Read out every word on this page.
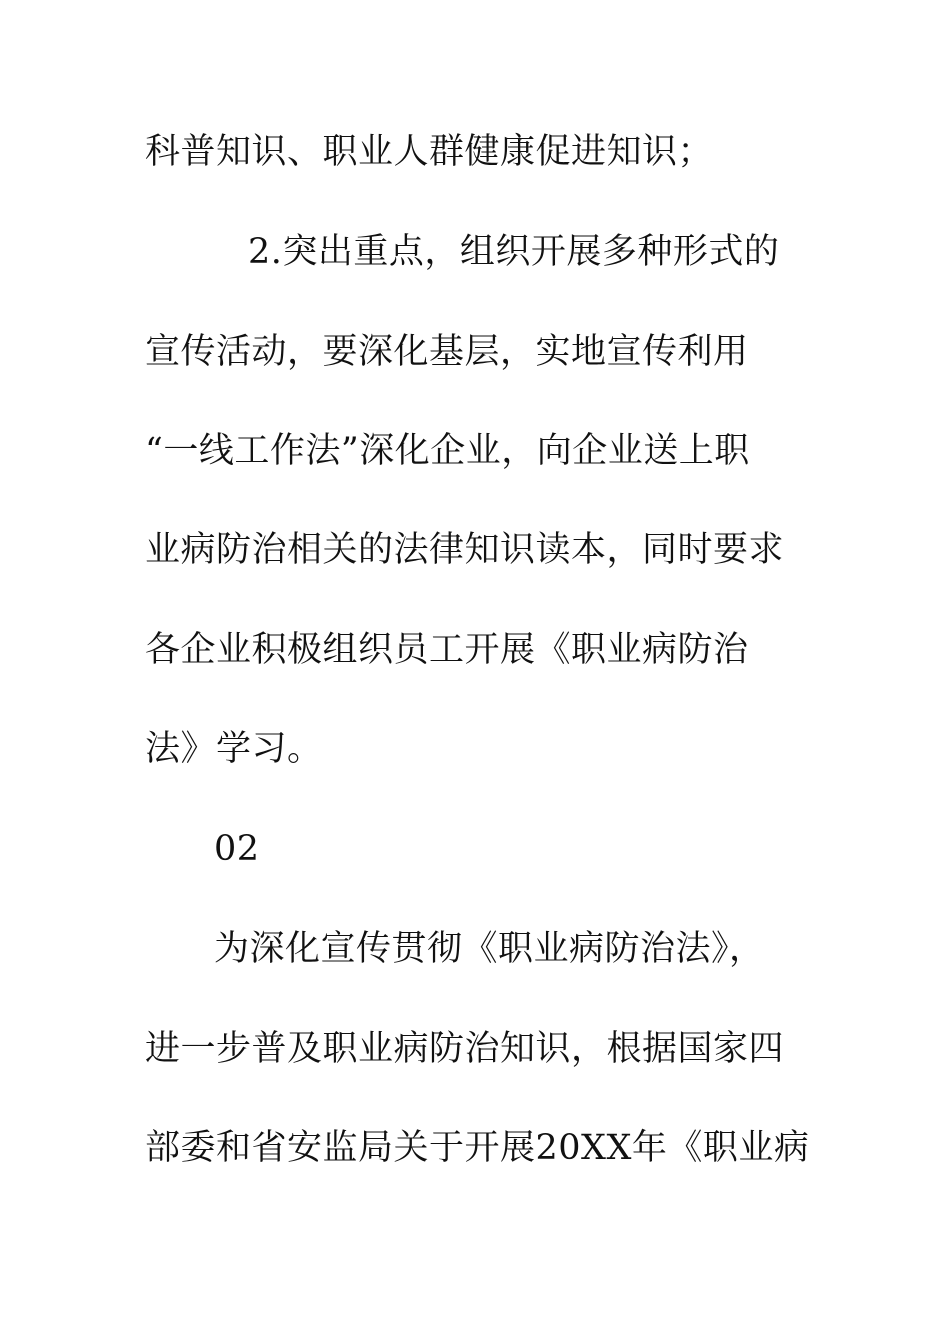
科普知识、职业人群健康促进知识；
2.突出重点，组织开展多种形式的
宣传活动，要深化基层，实地宣传利用
“一线工作法”深化企业，向企业送上职
业病防治相关的法律知识读本，同时要求
各企业积极组织员工开展《职业病防治
法》学习。
02
为深化宣传贯彻《职业病防治法》，
进一步普及职业病防治知识，根据国家四
部委和省安监局关于开展20XX年《职业病
